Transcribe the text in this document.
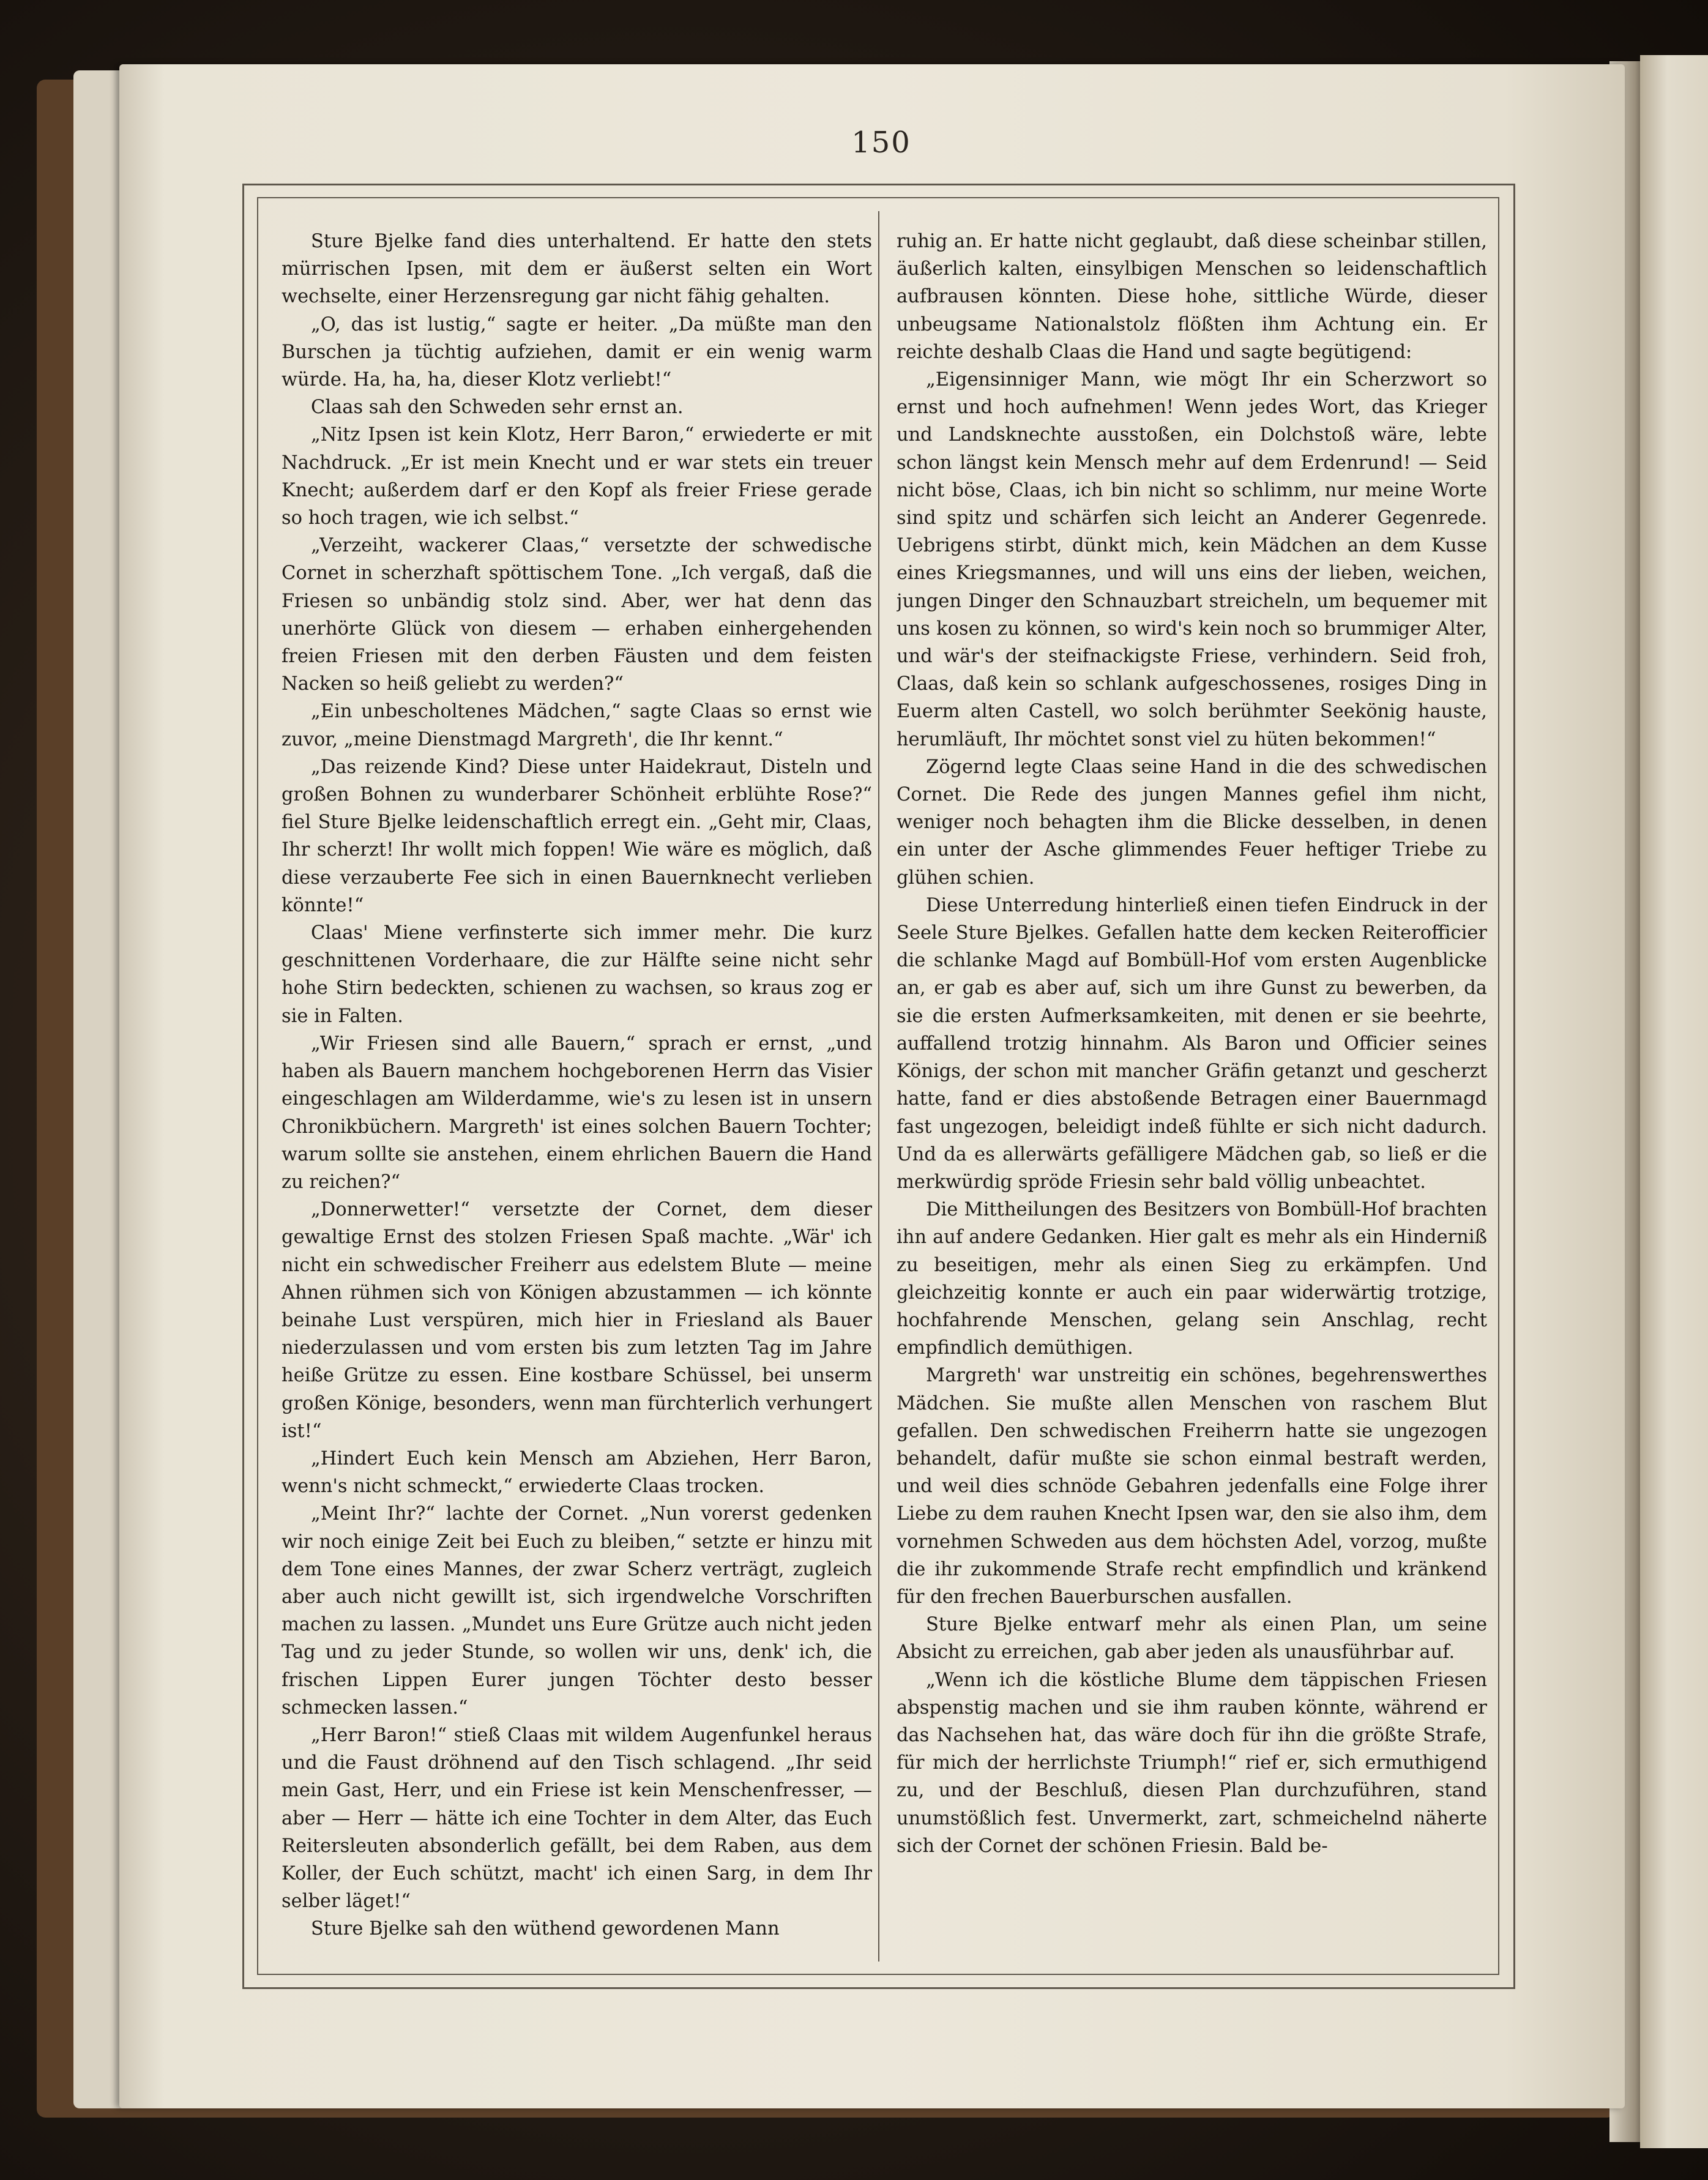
150

Sture Bjelke fand dies unterhaltend. Er hatte den stets mürrischen Ipsen, mit dem er äußerst selten ein Wort wechselte, einer Herzensregung gar nicht fähig gehalten.

„O, das ist lustig,“ sagte er heiter. „Da müßte man den Burschen ja tüchtig aufziehen, damit er ein wenig warm würde. Ha, ha, ha, dieser Klotz verliebt!“

Claas sah den Schweden sehr ernst an.

„Nitz Ipsen ist kein Klotz, Herr Baron,“ erwiederte er mit Nachdruck. „Er ist mein Knecht und er war stets ein treuer Knecht; außerdem darf er den Kopf als freier Friese gerade so hoch tragen, wie ich selbst.“

„Verzeiht, wackerer Claas,“ versetzte der schwedische Cornet in scherzhaft spöttischem Tone. „Ich vergaß, daß die Friesen so unbändig stolz sind. Aber, wer hat denn das unerhörte Glück von diesem — erhaben einhergehenden freien Friesen mit den derben Fäusten und dem feisten Nacken so heiß geliebt zu werden?“

„Ein unbescholtenes Mädchen,“ sagte Claas so ernst wie zuvor, „meine Dienstmagd Margreth', die Ihr kennt.“

„Das reizende Kind? Diese unter Haidekraut, Disteln und großen Bohnen zu wunderbarer Schönheit erblühte Rose?“ fiel Sture Bjelke leidenschaftlich erregt ein. „Geht mir, Claas, Ihr scherzt! Ihr wollt mich foppen! Wie wäre es möglich, daß diese verzauberte Fee sich in einen Bauernknecht verlieben könnte!“

Claas' Miene verfinsterte sich immer mehr. Die kurz geschnittenen Vorderhaare, die zur Hälfte seine nicht sehr hohe Stirn bedeckten, schienen zu wachsen, so kraus zog er sie in Falten.

„Wir Friesen sind alle Bauern,“ sprach er ernst, „und haben als Bauern manchem hochgeborenen Herrn das Visier eingeschlagen am Wilderdamme, wie's zu lesen ist in unsern Chronikbüchern. Margreth' ist eines solchen Bauern Tochter; warum sollte sie anstehen, einem ehrlichen Bauern die Hand zu reichen?“

„Donnerwetter!“ versetzte der Cornet, dem dieser gewaltige Ernst des stolzen Friesen Spaß machte. „Wär' ich nicht ein schwedischer Freiherr aus edelstem Blute — meine Ahnen rühmen sich von Königen abzustammen — ich könnte beinahe Lust verspüren, mich hier in Friesland als Bauer niederzulassen und vom ersten bis zum letzten Tag im Jahre heiße Grütze zu essen. Eine kostbare Schüssel, bei unserm großen Könige, besonders, wenn man fürchterlich verhungert ist!“

„Hindert Euch kein Mensch am Abziehen, Herr Baron, wenn's nicht schmeckt,“ erwiederte Claas trocken.

„Meint Ihr?“ lachte der Cornet. „Nun vorerst gedenken wir noch einige Zeit bei Euch zu bleiben,“ setzte er hinzu mit dem Tone eines Mannes, der zwar Scherz verträgt, zugleich aber auch nicht gewillt ist, sich irgendwelche Vorschriften machen zu lassen. „Mundet uns Eure Grütze auch nicht jeden Tag und zu jeder Stunde, so wollen wir uns, denk' ich, die frischen Lippen Eurer jungen Töchter desto besser schmecken lassen.“

„Herr Baron!“ stieß Claas mit wildem Augenfunkel heraus und die Faust dröhnend auf den Tisch schlagend. „Ihr seid mein Gast, Herr, und ein Friese ist kein Menschenfresser, — aber — Herr — hätte ich eine Tochter in dem Alter, das Euch Reitersleuten absonderlich gefällt, bei dem Raben, aus dem Koller, der Euch schützt, macht' ich einen Sarg, in dem Ihr selber läget!“

Sture Bjelke sah den wüthend gewordenen Mann

ruhig an. Er hatte nicht geglaubt, daß diese scheinbar stillen, äußerlich kalten, einsylbigen Menschen so leidenschaftlich aufbrausen könnten. Diese hohe, sittliche Würde, dieser unbeugsame Nationalstolz flößten ihm Achtung ein. Er reichte deshalb Claas die Hand und sagte begütigend:

„Eigensinniger Mann, wie mögt Ihr ein Scherzwort so ernst und hoch aufnehmen! Wenn jedes Wort, das Krieger und Landsknechte ausstoßen, ein Dolchstoß wäre, lebte schon längst kein Mensch mehr auf dem Erdenrund! — Seid nicht böse, Claas, ich bin nicht so schlimm, nur meine Worte sind spitz und schärfen sich leicht an Anderer Gegenrede. Uebrigens stirbt, dünkt mich, kein Mädchen an dem Kusse eines Kriegsmannes, und will uns eins der lieben, weichen, jungen Dinger den Schnauzbart streicheln, um bequemer mit uns kosen zu können, so wird's kein noch so brummiger Alter, und wär's der steifnackigste Friese, verhindern. Seid froh, Claas, daß kein so schlank aufgeschossenes, rosiges Ding in Euerm alten Castell, wo solch berühmter Seekönig hauste, herumläuft, Ihr möchtet sonst viel zu hüten bekommen!“

Zögernd legte Claas seine Hand in die des schwedischen Cornet. Die Rede des jungen Mannes gefiel ihm nicht, weniger noch behagten ihm die Blicke desselben, in denen ein unter der Asche glimmendes Feuer heftiger Triebe zu glühen schien.

Diese Unterredung hinterließ einen tiefen Eindruck in der Seele Sture Bjelkes. Gefallen hatte dem kecken Reiterofficier die schlanke Magd auf Bombüll-Hof vom ersten Augenblicke an, er gab es aber auf, sich um ihre Gunst zu bewerben, da sie die ersten Aufmerksamkeiten, mit denen er sie beehrte, auffallend trotzig hinnahm. Als Baron und Officier seines Königs, der schon mit mancher Gräfin getanzt und gescherzt hatte, fand er dies abstoßende Betragen einer Bauernmagd fast ungezogen, beleidigt indeß fühlte er sich nicht dadurch. Und da es allerwärts gefälligere Mädchen gab, so ließ er die merkwürdig spröde Friesin sehr bald völlig unbeachtet.

Die Mittheilungen des Besitzers von Bombüll-Hof brachten ihn auf andere Gedanken. Hier galt es mehr als ein Hinderniß zu beseitigen, mehr als einen Sieg zu erkämpfen. Und gleichzeitig konnte er auch ein paar widerwärtig trotzige, hochfahrende Menschen, gelang sein Anschlag, recht empfindlich demüthigen.

Margreth' war unstreitig ein schönes, begehrenswerthes Mädchen. Sie mußte allen Menschen von raschem Blut gefallen. Den schwedischen Freiherrn hatte sie ungezogen behandelt, dafür mußte sie schon einmal bestraft werden, und weil dies schnöde Gebahren jedenfalls eine Folge ihrer Liebe zu dem rauhen Knecht Ipsen war, den sie also ihm, dem vornehmen Schweden aus dem höchsten Adel, vorzog, mußte die ihr zukommende Strafe recht empfindlich und kränkend für den frechen Bauerburschen ausfallen.

Sture Bjelke entwarf mehr als einen Plan, um seine Absicht zu erreichen, gab aber jeden als unausführbar auf.

„Wenn ich die köstliche Blume dem täppischen Friesen abspenstig machen und sie ihm rauben könnte, während er das Nachsehen hat, das wäre doch für ihn die größte Strafe, für mich der herrlichste Triumph!“ rief er, sich ermuthigend zu, und der Beschluß, diesen Plan durchzuführen, stand unumstößlich fest. Unvermerkt, zart, schmeichelnd näherte sich der Cornet der schönen Friesin. Bald be-
